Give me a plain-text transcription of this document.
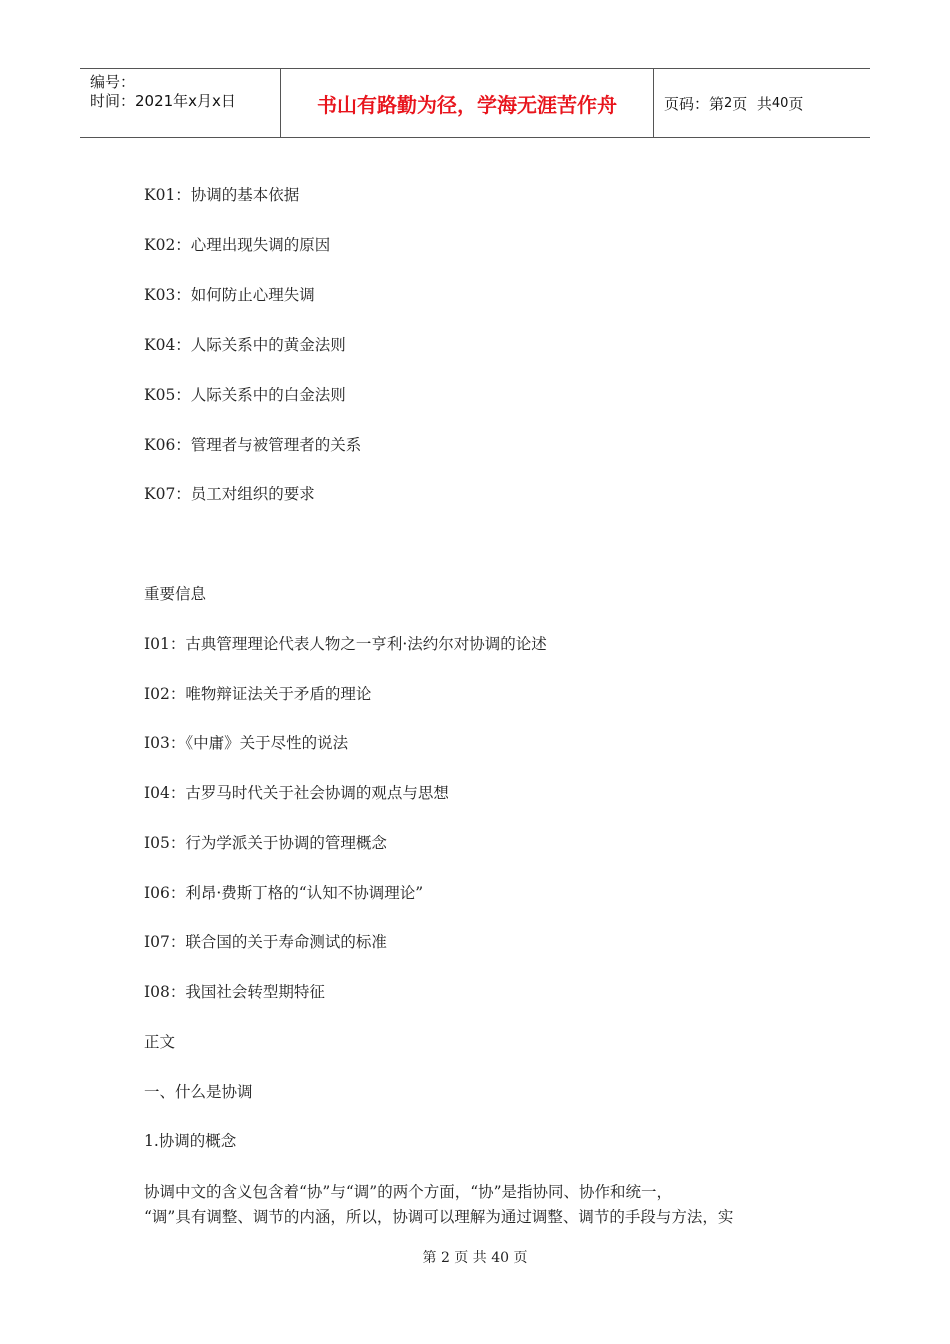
编号：
时间：2021年x月x日	书山有路勤为径，学海无涯苦作舟	页码：第 2 页  共 40 页
K01：协调的基本依据
K02：心理出现失调的原因
K03：如何防止心理失调
K04：人际关系中的黄金法则
K05：人际关系中的白金法则
K06：管理者与被管理者的关系
K07：员工对组织的要求
重要信息
I01：古典管理理论代表人物之一亨利·法约尔对协调的论述
I02：唯物辩证法关于矛盾的理论
I03：《中庸》关于尽性的说法
I04：古罗马时代关于社会协调的观点与思想
I05：行为学派关于协调的管理概念
I06：利昂·费斯丁格的“认知不协调理论”
I07：联合国的关于寿命测试的标准
I08：我国社会转型期特征
正文
一、什么是协调
1.协调的概念
协调中文的含义包含着“协”与“调”的两个方面，“协”是指协同、协作和统一，
“调”具有调整、调节的内涵，所以，协调可以理解为通过调整、调节的手段与方法，实
第 2 页 共 40 页
